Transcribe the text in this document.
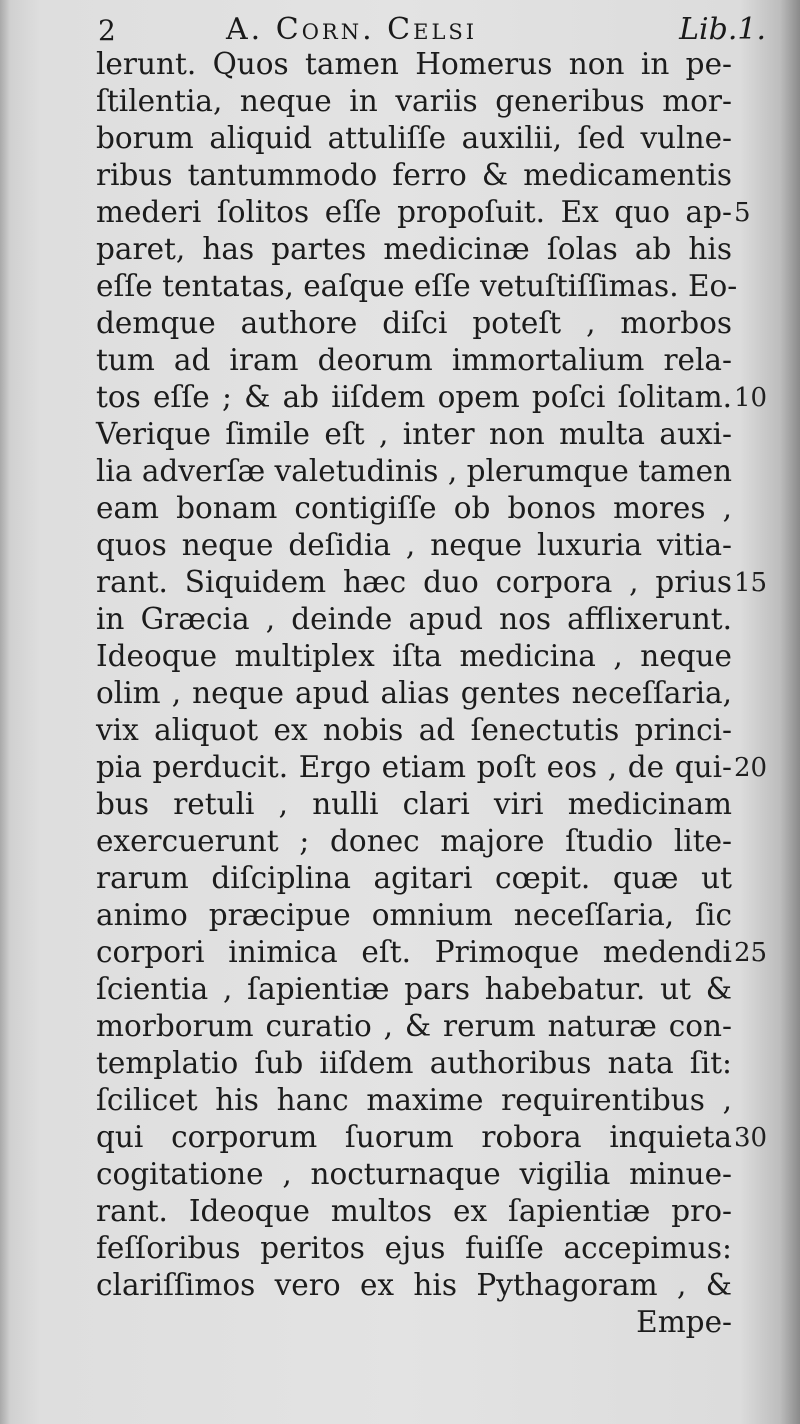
2	A. Corn. Celsi	Lib.1.
lerunt. Quos tamen Homerus non in pe-
ſtilentia, neque in variis generibus mor-
borum aliquid attuliſſe auxilii, ſed vulne-
ribus tantummodo ferro & medicamentis
mederi ſolitos eſſe propoſuit. Ex quo ap-
paret, has partes medicinæ ſolas ab his
eſſe tentatas, eaſque eſſe vetuſtiſſimas. Eo-
demque authore diſci poteſt , morbos
tum ad iram deorum immortalium rela-
tos eſſe ; & ab iiſdem opem poſci ſolitam.
Verique ſimile eſt , inter non multa auxi-
lia adverſæ valetudinis , plerumque tamen
eam bonam contigiſſe ob bonos mores ,
quos neque deſidia , neque luxuria vitia-
rant. Siquidem hæc duo corpora , prius
in Græcia , deinde apud nos afflixerunt.
Ideoque multiplex iſta medicina , neque
olim , neque apud alias gentes neceſſaria,
vix aliquot ex nobis ad ſenectutis princi-
pia perducit. Ergo etiam poſt eos , de qui-
bus retuli , nulli clari viri medicinam
exercuerunt ; donec majore ſtudio lite-
rarum diſciplina agitari cœpit. quæ ut
animo præcipue omnium neceſſaria, ſic
corpori inimica eſt. Primoque medendi
ſcientia , ſapientiæ pars habebatur. ut &
morborum curatio , & rerum naturæ con-
templatio ſub iiſdem authoribus nata ſit:
ſcilicet his hanc maxime requirentibus ,
qui corporum ſuorum robora inquieta
cogitatione , nocturnaque vigilia minue-
rant. Ideoque multos ex ſapientiæ pro-
feſſoribus peritos ejus fuiſſe accepimus:
clariſſimos vero ex his Pythagoram , &
Empe-
5
10
15
20
25
30
